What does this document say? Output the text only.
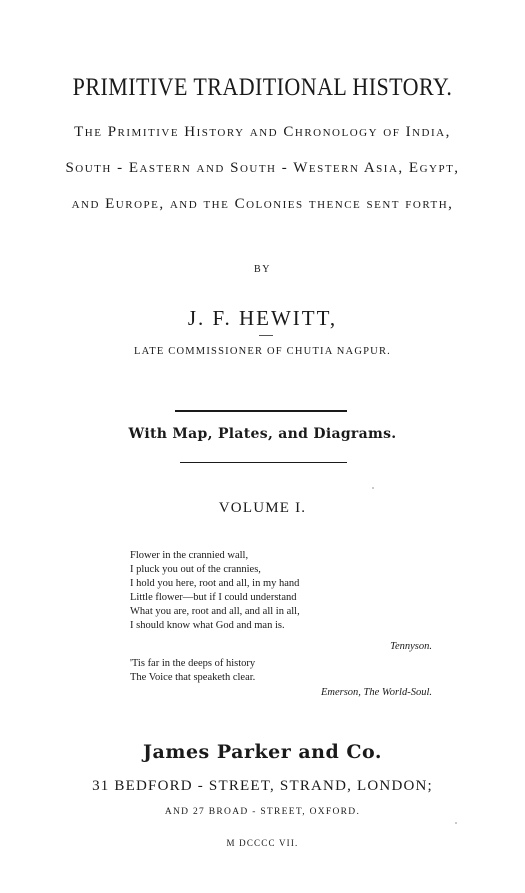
PRIMITIVE TRADITIONAL HISTORY.
The Primitive History and Chronology of India,
South - Eastern and South - Western Asia, Egypt,
and Europe, and the Colonies thence sent forth,
BY
J. F. HEWITT,
LATE COMMISSIONER OF CHUTIA NAGPUR.
With Map, Plates, and Diagrams.
VOLUME I.
Flower in the crannied wall,
I pluck you out of the crannies,
I hold you here, root and all, in my hand
Little flower—but if I could understand
What you are, root and all, and all in all,
I should know what God and man is.
Tennyson.
'Tis far in the deeps of history
The Voice that speaketh clear.
Emerson, The World-Soul.
James Parker and Co.
31 BEDFORD - STREET, STRAND, LONDON;
AND 27 BROAD - STREET, OXFORD.
M DCCCC VII.
